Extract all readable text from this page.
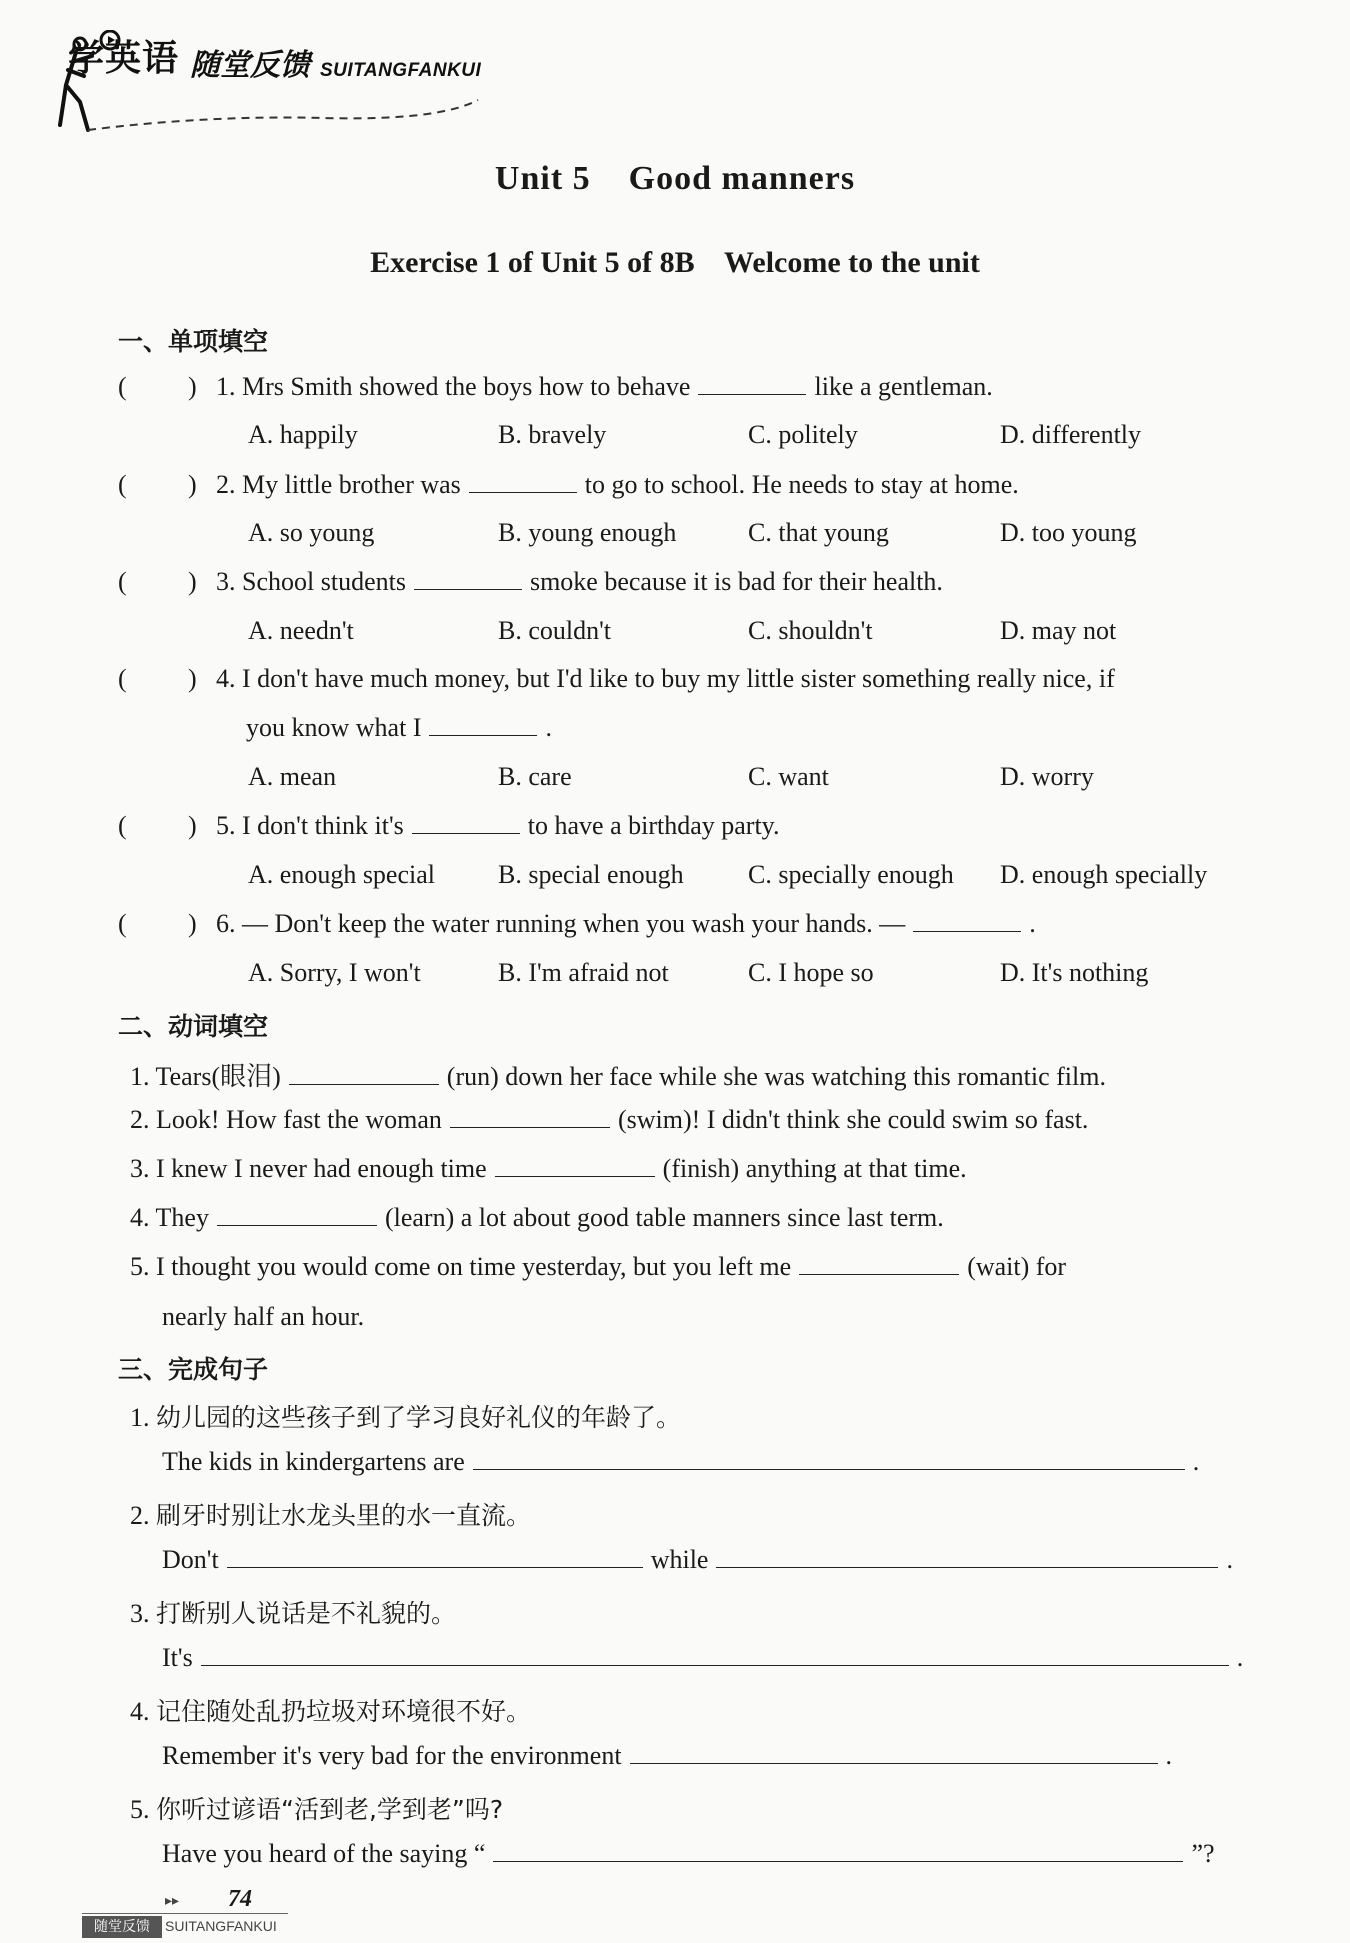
学英语 随堂反馈 SUITANGFANKUI
Unit 5    Good manners
Exercise 1 of Unit 5 of 8B    Welcome to the unit
一、单项填空
( ) 1. Mrs Smith showed the boys how to behave	like a gentleman.
A. happily	B. bravely	C. politely	D. differently
( ) 2. My little brother was	to go to school. He needs to stay at home.
A. so young	B. young enough	C. that young	D. too young
( ) 3. School students	smoke because it is bad for their health.
A. needn't	B. couldn't	C. shouldn't	D. may not
( ) 4. I don't have much money, but I'd like to buy my little sister something really nice, if
you know what I	.
A. mean	B. care	C. want	D. worry
( ) 5. I don't think it's	to have a birthday party.
A. enough special B. special enough C. specially enough D. enough specially
( ) 6. — Don't keep the water running when you wash your hands. —	.
A. Sorry, I won't	B. I'm afraid not	C. I hope so	D. It's nothing
二、动词填空
1. Tears(眼泪)	(run) down her face while she was watching this romantic film.
2. Look! How fast the woman	(swim)! I didn't think she could swim so fast.
3. I knew I never had enough time	(finish) anything at that time.
4. They	(learn) a lot about good table manners since last term.
5. I thought you would come on time yesterday, but you left me	(wait) for
nearly half an hour.
三、完成句子
1. 幼儿园的这些孩子到了学习良好礼仪的年龄了。
The kids in kindergartens are	.
2. 刷牙时别让水龙头里的水一直流。
Don't	while	.
3. 打断别人说话是不礼貌的。
It's	.
4. 记住随处乱扔垃圾对环境很不好。
Remember it's very bad for the environment	.
5. 你听过谚语“活到老,学到老”吗?
Have you heard of the saying “	”?
▸▸ 74
随堂反馈	SUITANGFANKUI
